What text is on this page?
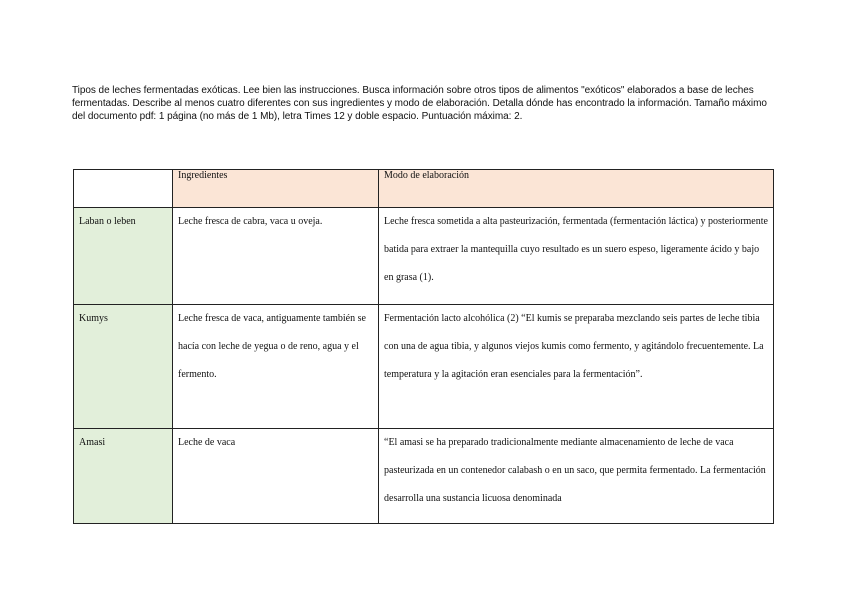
Tipos de leches fermentadas exóticas. Lee bien las instrucciones. Busca información sobre otros tipos de alimentos "exóticos" elaborados a base de leches fermentadas. Describe al menos cuatro diferentes con sus ingredientes y modo de elaboración. Detalla dónde has encontrado la información. Tamaño máximo del documento pdf: 1 página (no más de 1 Mb), letra Times 12 y doble espacio. Puntuación máxima: 2.
	Ingredientes	Modo de elaboración

Laban o leben	Leche fresca de cabra, vaca u oveja.	Leche fresca sometida a alta pasteurización, fermentada (fermentación láctica) y posteriormente batida para extraer la mantequilla cuyo resultado es un suero espeso, ligeramente ácido y bajo en grasa (1).

Kumys	Leche fresca de vaca, antiguamente también se hacía con leche de yegua o de reno, agua y el fermento.	Fermentación lacto alcohólica (2) “El kumis se preparaba mezclando seis partes de leche tibia con una de agua tibia, y algunos viejos kumis como fermento, y agitándolo frecuentemente. La temperatura y la agitación eran esenciales para la fermentación”.

Amasi	Leche de vaca	“El amasi se ha preparado tradicionalmente mediante almacenamiento de leche de vaca pasteurizada en un contenedor calabash o en un saco, que permita fermentado. La fermentación desarrolla una sustancia licuosa denominada
